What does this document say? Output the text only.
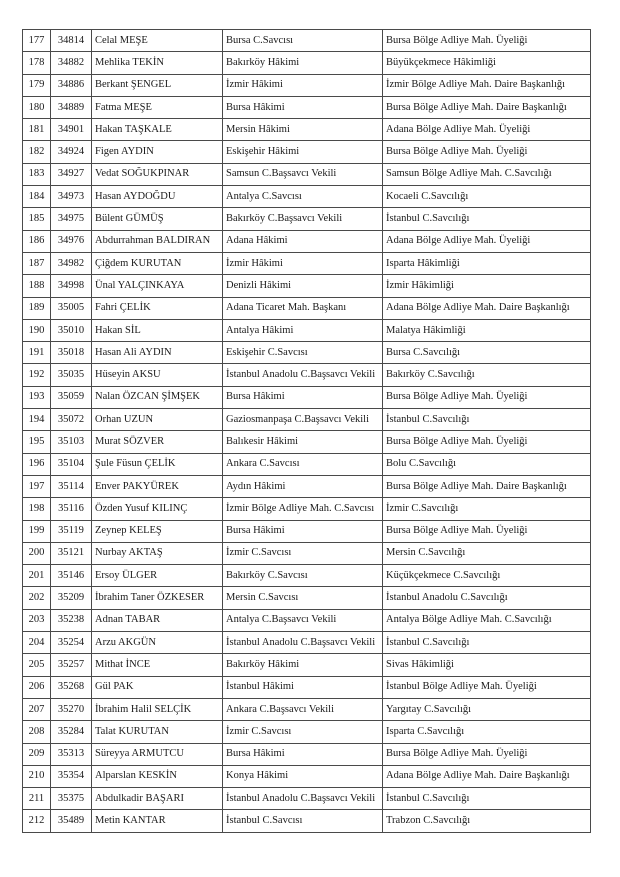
177	34814	Celal MEŞE	Bursa C.Savcısı	Bursa Bölge Adliye Mah. Üyeliği
178	34882	Mehlika TEKİN	Bakırköy Hâkimi	Büyükçekmece Hâkimliği
179	34886	Berkant ŞENGEL	İzmir Hâkimi	İzmir Bölge Adliye Mah. Daire Başkanlığı
180	34889	Fatma MEŞE	Bursa Hâkimi	Bursa Bölge Adliye Mah. Daire Başkanlığı
181	34901	Hakan TAŞKALE	Mersin Hâkimi	Adana Bölge Adliye Mah. Üyeliği
182	34924	Figen AYDIN	Eskişehir Hâkimi	Bursa Bölge Adliye Mah. Üyeliği
183	34927	Vedat SOĞUKPINAR	Samsun C.Başsavcı Vekili	Samsun Bölge Adliye Mah. C.Savcılığı
184	34973	Hasan AYDOĞDU	Antalya C.Savcısı	Kocaeli C.Savcılığı
185	34975	Bülent GÜMÜŞ	Bakırköy C.Başsavcı Vekili	İstanbul C.Savcılığı
186	34976	Abdurrahman BALDIRAN	Adana Hâkimi	Adana Bölge Adliye Mah. Üyeliği
187	34982	Çiğdem KURUTAN	İzmir Hâkimi	Isparta Hâkimliği
188	34998	Ünal YALÇINKAYA	Denizli Hâkimi	İzmir Hâkimliği
189	35005	Fahri ÇELİK	Adana Ticaret Mah. Başkanı	Adana Bölge Adliye Mah. Daire Başkanlığı
190	35010	Hakan SİL	Antalya Hâkimi	Malatya Hâkimliği
191	35018	Hasan Ali AYDIN	Eskişehir C.Savcısı	Bursa C.Savcılığı
192	35035	Hüseyin AKSU	İstanbul Anadolu C.Başsavcı Vekili	Bakırköy C.Savcılığı
193	35059	Nalan ÖZCAN ŞİMŞEK	Bursa Hâkimi	Bursa Bölge Adliye Mah. Üyeliği
194	35072	Orhan UZUN	Gaziosmanpaşa C.Başsavcı Vekili	İstanbul C.Savcılığı
195	35103	Murat SÖZVER	Balıkesir Hâkimi	Bursa Bölge Adliye Mah. Üyeliği
196	35104	Şule Füsun ÇELİK	Ankara C.Savcısı	Bolu C.Savcılığı
197	35114	Enver PAKYÜREK	Aydın Hâkimi	Bursa Bölge Adliye Mah. Daire Başkanlığı
198	35116	Özden Yusuf KILINÇ	İzmir Bölge Adliye Mah. C.Savcısı	İzmir C.Savcılığı
199	35119	Zeynep KELEŞ	Bursa Hâkimi	Bursa Bölge Adliye Mah. Üyeliği
200	35121	Nurbay AKTAŞ	İzmir C.Savcısı	Mersin C.Savcılığı
201	35146	Ersoy ÜLGER	Bakırköy C.Savcısı	Küçükçekmece C.Savcılığı
202	35209	İbrahim Taner ÖZKESER	Mersin C.Savcısı	İstanbul Anadolu C.Savcılığı
203	35238	Adnan TABAR	Antalya C.Başsavcı Vekili	Antalya Bölge Adliye Mah. C.Savcılığı
204	35254	Arzu AKGÜN	İstanbul Anadolu C.Başsavcı Vekili	İstanbul C.Savcılığı
205	35257	Mithat İNCE	Bakırköy Hâkimi	Sivas Hâkimliği
206	35268	Gül PAK	İstanbul Hâkimi	İstanbul Bölge Adliye Mah. Üyeliği
207	35270	İbrahim Halil SELÇİK	Ankara C.Başsavcı Vekili	Yargıtay C.Savcılığı
208	35284	Talat KURUTAN	İzmir C.Savcısı	Isparta C.Savcılığı
209	35313	Süreyya ARMUTCU	Bursa Hâkimi	Bursa Bölge Adliye Mah. Üyeliği
210	35354	Alparslan KESKİN	Konya Hâkimi	Adana Bölge Adliye Mah. Daire Başkanlığı
211	35375	Abdulkadir BAŞARI	İstanbul Anadolu C.Başsavcı Vekili	İstanbul C.Savcılığı
212	35489	Metin KANTAR	İstanbul C.Savcısı	Trabzon C.Savcılığı
